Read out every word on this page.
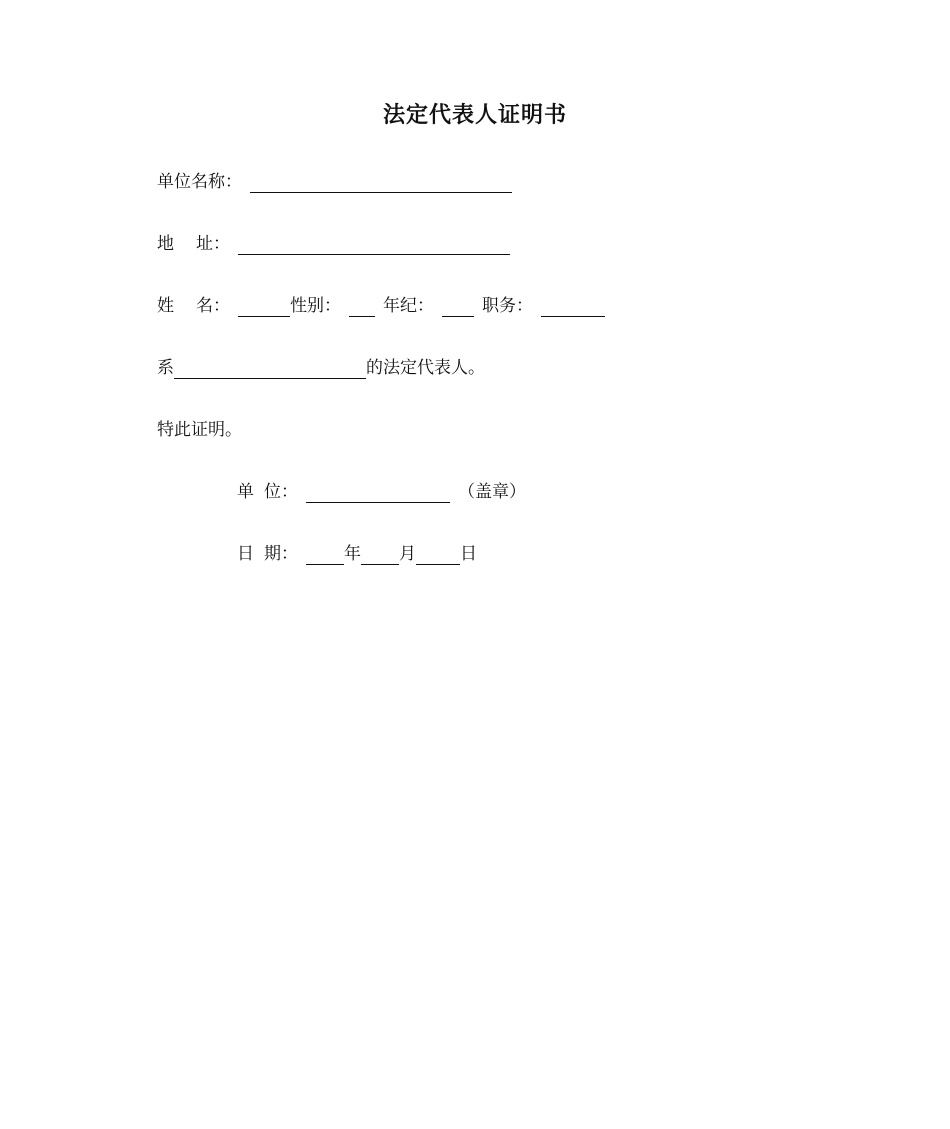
法定代表人证明书
单位名称：
地 址：
姓 名：	性别： 年纪：	职务：
系	的法定代表人。
特此证明。
单 位：	（盖章）
日 期：	年 月	日
